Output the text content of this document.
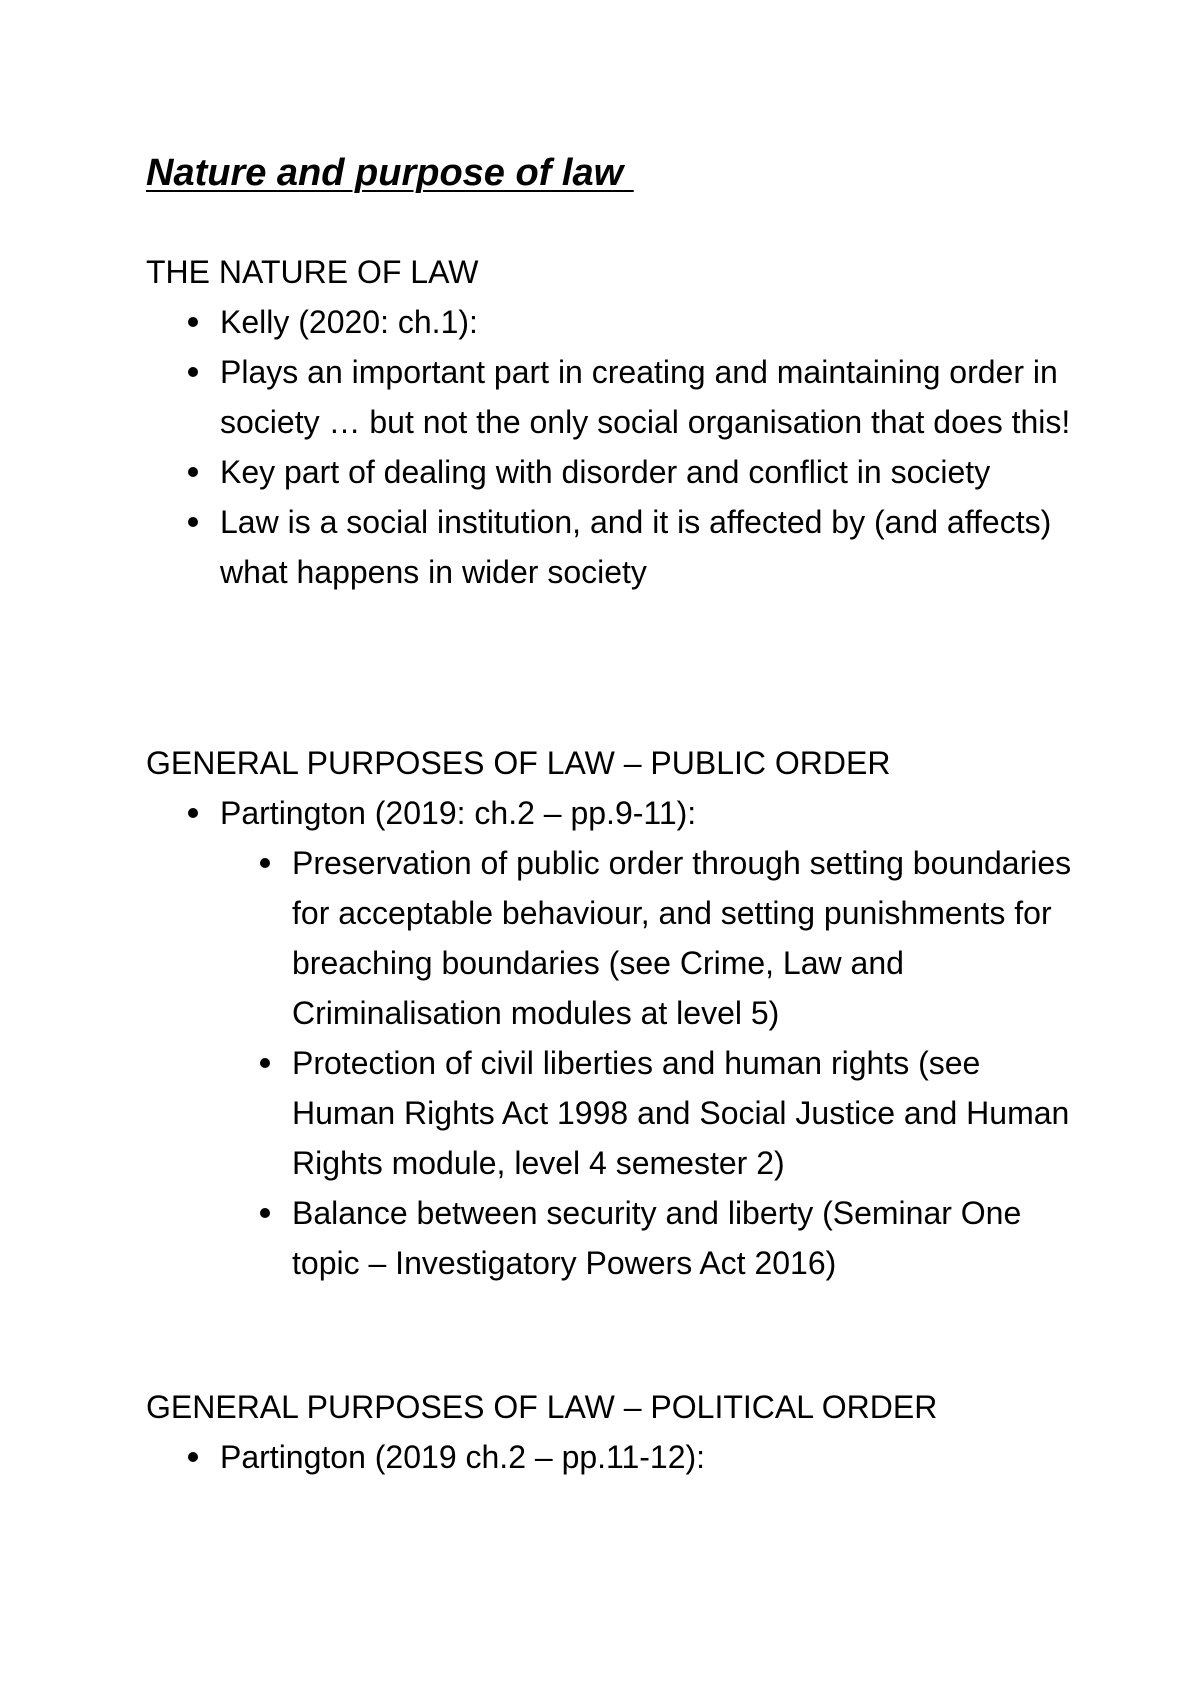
Nature and purpose of law

THE NATURE OF LAW

Kelly (2020: ch.1):
Plays an important part in creating and maintaining order in society … but not the only social organisation that does this!
Key part of dealing with disorder and conflict in society
Law is a social institution, and it is affected by (and affects) what happens in wider society

GENERAL PURPOSES OF LAW – PUBLIC ORDER

Partington (2019: ch.2 – pp.9-11):
Preservation of public order through setting boundaries for acceptable behaviour, and setting punishments for breaching boundaries (see Crime, Law and Criminalisation modules at level 5)
Protection of civil liberties and human rights (see Human Rights Act 1998 and Social Justice and Human Rights module, level 4 semester 2)
Balance between security and liberty (Seminar One topic – Investigatory Powers Act 2016)

GENERAL PURPOSES OF LAW – POLITICAL ORDER

Partington (2019 ch.2 – pp.11-12):
